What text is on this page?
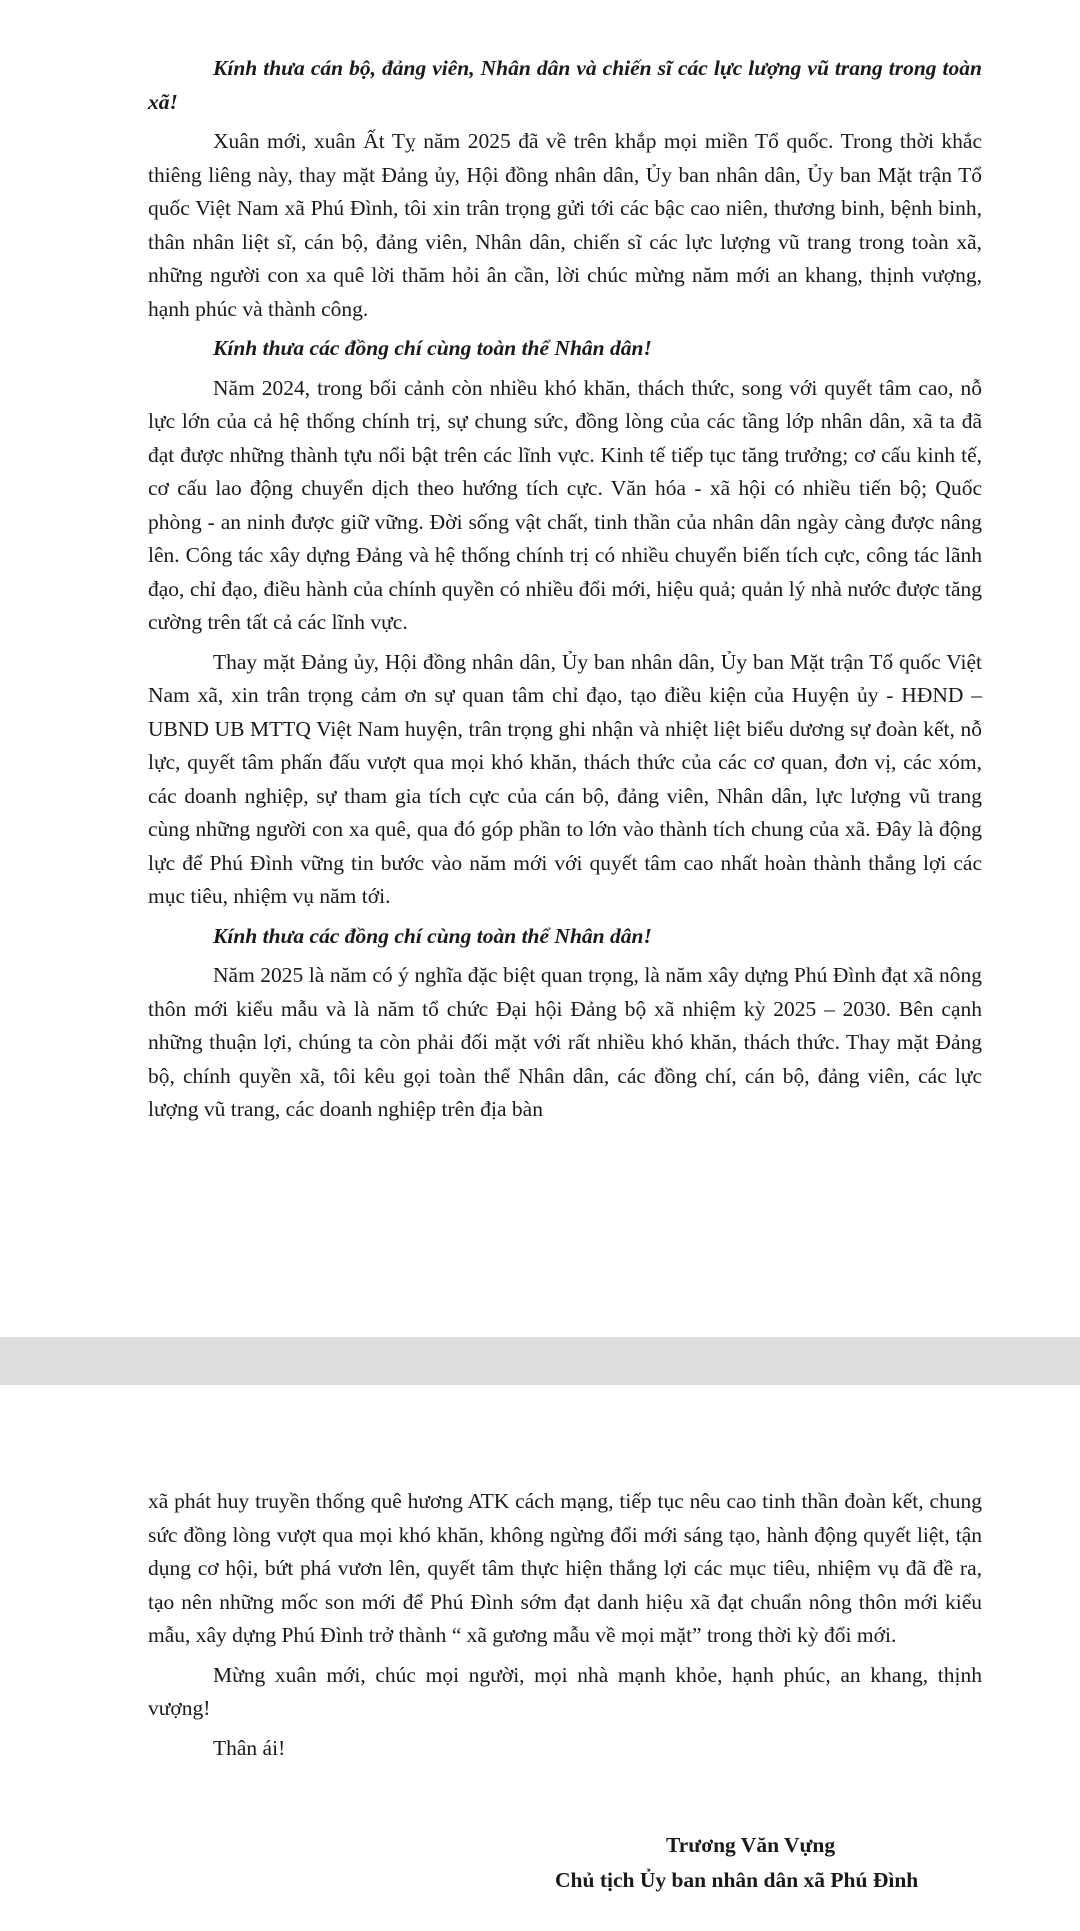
Kính thưa cán bộ, đảng viên, Nhân dân và chiến sĩ các lực lượng vũ trang trong toàn xã!

Xuân mới, xuân Ất Tỵ năm 2025 đã về trên khắp mọi miền Tổ quốc. Trong thời khắc thiêng liêng này, thay mặt Đảng ủy, Hội đồng nhân dân, Ủy ban nhân dân, Ủy ban Mặt trận Tổ quốc Việt Nam xã Phú Đình, tôi xin trân trọng gửi tới các bậc cao niên, thương binh, bệnh binh, thân nhân liệt sĩ, cán bộ, đảng viên, Nhân dân, chiến sĩ các lực lượng vũ trang trong toàn xã, những người con xa quê lời thăm hỏi ân cần, lời chúc mừng năm mới an khang, thịnh vượng, hạnh phúc và thành công.

Kính thưa các đồng chí cùng toàn thể Nhân dân!

Năm 2024, trong bối cảnh còn nhiều khó khăn, thách thức, song với quyết tâm cao, nỗ lực lớn của cả hệ thống chính trị, sự chung sức, đồng lòng của các tầng lớp nhân dân, xã ta đã đạt được những thành tựu nổi bật trên các lĩnh vực. Kinh tế tiếp tục tăng trưởng; cơ cấu kinh tế, cơ cấu lao động chuyển dịch theo hướng tích cực. Văn hóa - xã hội có nhiều tiến bộ; Quốc phòng - an ninh được giữ vững. Đời sống vật chất, tinh thần của nhân dân ngày càng được nâng lên. Công tác xây dựng Đảng và hệ thống chính trị có nhiều chuyển biến tích cực, công tác lãnh đạo, chỉ đạo, điều hành của chính quyền có nhiều đổi mới, hiệu quả; quản lý nhà nước được tăng cường trên tất cả các lĩnh vực.

Thay mặt Đảng ủy, Hội đồng nhân dân, Ủy ban nhân dân, Ủy ban Mặt trận Tổ quốc Việt Nam xã, xin trân trọng cảm ơn sự quan tâm chỉ đạo, tạo điều kiện của Huyện ủy - HĐND – UBND UB MTTQ Việt Nam huyện, trân trọng ghi nhận và nhiệt liệt biểu dương sự đoàn kết, nỗ lực, quyết tâm phấn đấu vượt qua mọi khó khăn, thách thức của các cơ quan, đơn vị, các xóm, các doanh nghiệp, sự tham gia tích cực của cán bộ, đảng viên, Nhân dân, lực lượng vũ trang cùng những người con xa quê, qua đó góp phần to lớn vào thành tích chung của xã. Đây là động lực để Phú Đình vững tin bước vào năm mới với quyết tâm cao nhất hoàn thành thắng lợi các mục tiêu, nhiệm vụ năm tới.

Kính thưa các đồng chí cùng toàn thể Nhân dân!

Năm 2025 là năm có ý nghĩa đặc biệt quan trọng, là năm xây dựng Phú Đình đạt xã nông thôn mới kiểu mẫu và là năm tổ chức Đại hội Đảng bộ xã nhiệm kỳ 2025 – 2030. Bên cạnh những thuận lợi, chúng ta còn phải đối mặt với rất nhiều khó khăn, thách thức. Thay mặt Đảng bộ, chính quyền xã, tôi kêu gọi toàn thể Nhân dân, các đồng chí, cán bộ, đảng viên, các lực lượng vũ trang, các doanh nghiệp trên địa bàn

xã phát huy truyền thống quê hương ATK cách mạng, tiếp tục nêu cao tinh thần đoàn kết, chung sức đồng lòng vượt qua mọi khó khăn, không ngừng đổi mới sáng tạo, hành động quyết liệt, tận dụng cơ hội, bứt phá vươn lên, quyết tâm thực hiện thắng lợi các mục tiêu, nhiệm vụ đã đề ra, tạo nên những mốc son mới để Phú Đình sớm đạt danh hiệu xã đạt chuẩn nông thôn mới kiểu mẫu, xây dựng Phú Đình trở thành “ xã gương mẫu về mọi mặt” trong thời kỳ đổi mới.

Mừng xuân mới, chúc mọi người, mọi nhà mạnh khỏe, hạnh phúc, an khang, thịnh vượng!

Thân ái!

Trương Văn Vựng
Chủ tịch Ủy ban nhân dân xã Phú Đình
